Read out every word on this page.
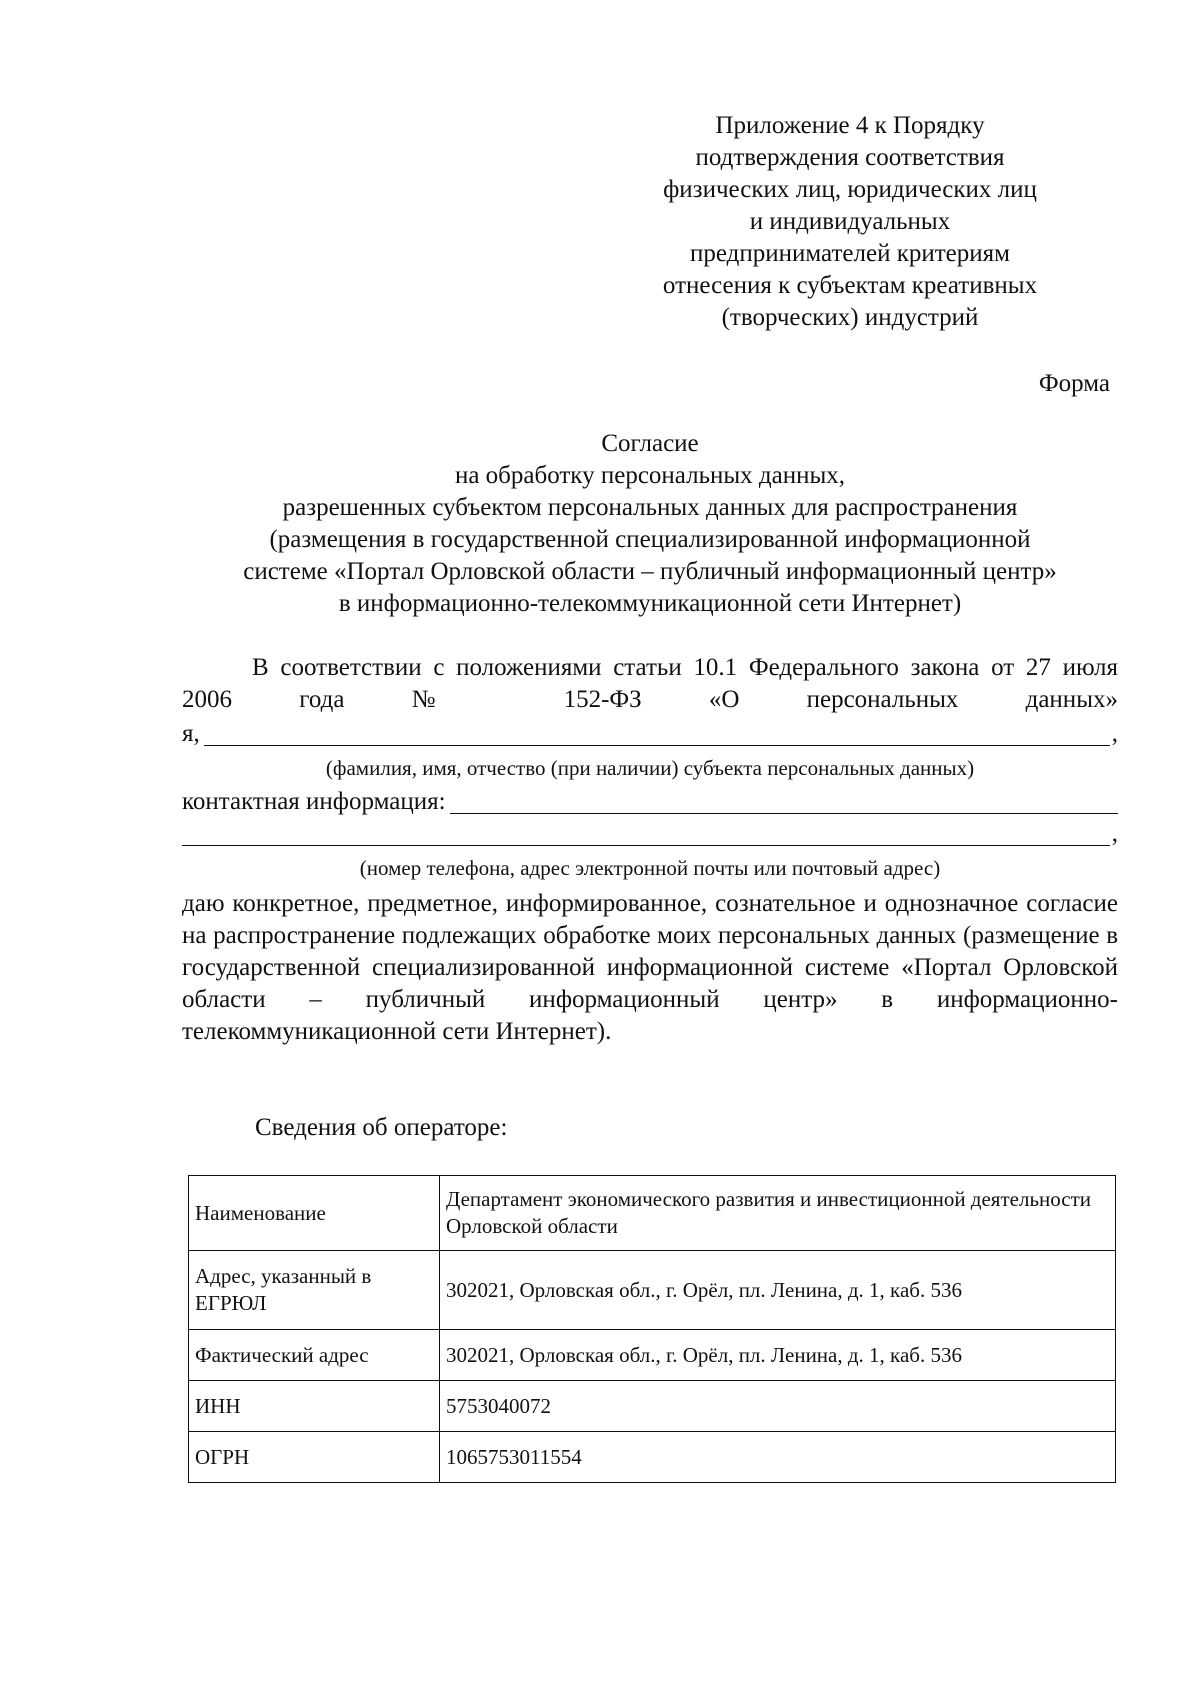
Приложение 4 к Порядку
подтверждения соответствия
физических лиц, юридических лиц
и индивидуальных
предпринимателей критериям
отнесения к субъектам креативных
(творческих) индустрий
Форма
Согласие
на обработку персональных данных,
разрешенных субъектом персональных данных для распространения
(размещения в государственной специализированной информационной
системе «Портал Орловской области – публичный информационный центр»
в информационно-телекоммуникационной сети Интернет)
В соответствии с положениями статьи 10.1 Федерального закона от 27 июля 2006 года № 152-ФЗ «О персональных данных»
я,	,
(фамилия, имя, отчество (при наличии) субъекта персональных данных)
контактная информация:
,
(номер телефона, адрес электронной почты или почтовый адрес)
даю конкретное, предметное, информированное, сознательное и однозначное согласие на распространение подлежащих обработке моих персональных данных (размещение в государственной специализированной информационной системе «Портал Орловской области – публичный информационный центр» в информационно-телекоммуникационной сети Интернет).
Сведения об операторе:
Наименование	Департамент экономического развития и инвестиционной деятельности Орловской области
Адрес, указанный в ЕГРЮЛ	302021, Орловская обл., г. Орёл, пл. Ленина, д. 1, каб. 536
Фактический адрес	302021, Орловская обл., г. Орёл, пл. Ленина, д. 1, каб. 536
ИНН	5753040072
ОГРН	1065753011554
